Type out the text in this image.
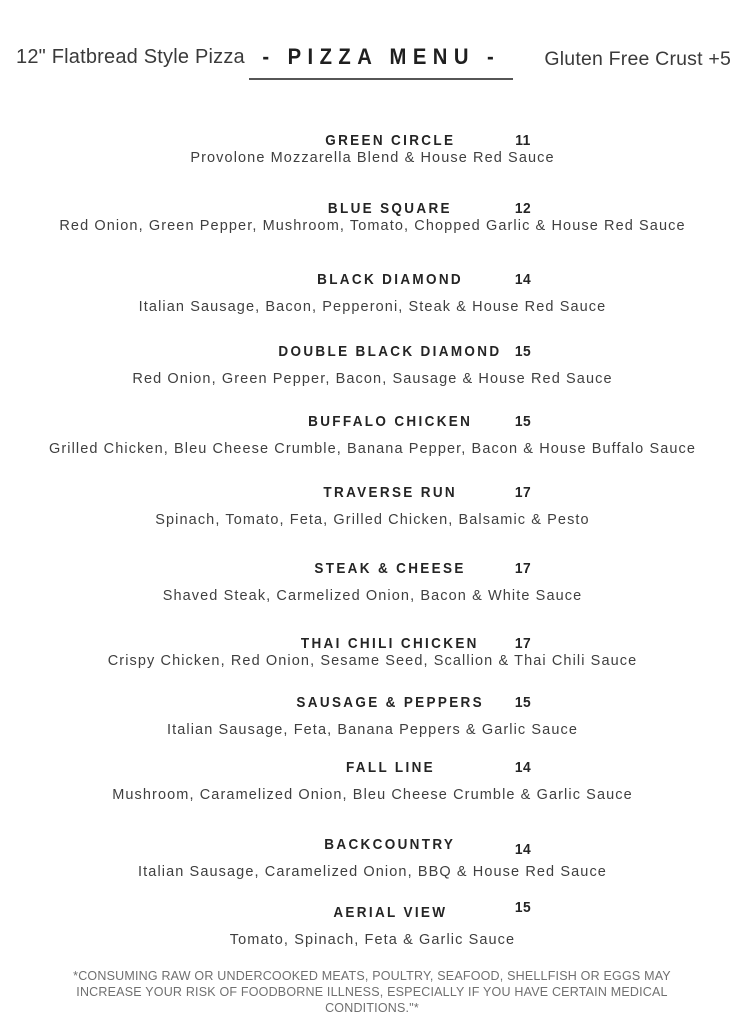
12" Flatbread Style Pizza - PIZZA MENU -	Gluten Free Crust +5
GREEN CIRCLE	11
Provolone Mozzarella Blend & House Red Sauce
BLUE SQUARE	12
Red Onion, Green Pepper, Mushroom, Tomato, Chopped Garlic & House Red Sauce
BLACK DIAMOND	14
Italian Sausage, Bacon, Pepperoni, Steak & House Red Sauce
DOUBLE BLACK DIAMOND 15
Red Onion, Green Pepper, Bacon, Sausage & House Red Sauce
BUFFALO CHICKEN	15
Grilled Chicken, Bleu Cheese Crumble, Banana Pepper, Bacon & House Buffalo Sauce
TRAVERSE RUN	17
Spinach, Tomato, Feta, Grilled Chicken, Balsamic & Pesto
STEAK & CHEESE	17
Shaved Steak, Carmelized Onion, Bacon & White Sauce
THAI CHILI CHICKEN	17
Crispy Chicken, Red Onion, Sesame Seed, Scallion & Thai Chili Sauce
SAUSAGE & PEPPERS	15
Italian Sausage, Feta, Banana Peppers & Garlic Sauce
FALL LINE	14
Mushroom, Caramelized Onion, Bleu Cheese Crumble & Garlic Sauce
BACKCOUNTRY	14
Italian Sausage, Caramelized Onion, BBQ & House Red Sauce
AERIAL VIEW	15
Tomato, Spinach, Feta & Garlic Sauce
*CONSUMING RAW OR UNDERCOOKED MEATS, POULTRY, SEAFOOD, SHELLFISH OR EGGS MAY INCREASE YOUR RISK OF FOODBORNE ILLNESS, ESPECIALLY IF YOU HAVE CERTAIN MEDICAL CONDITIONS."*
